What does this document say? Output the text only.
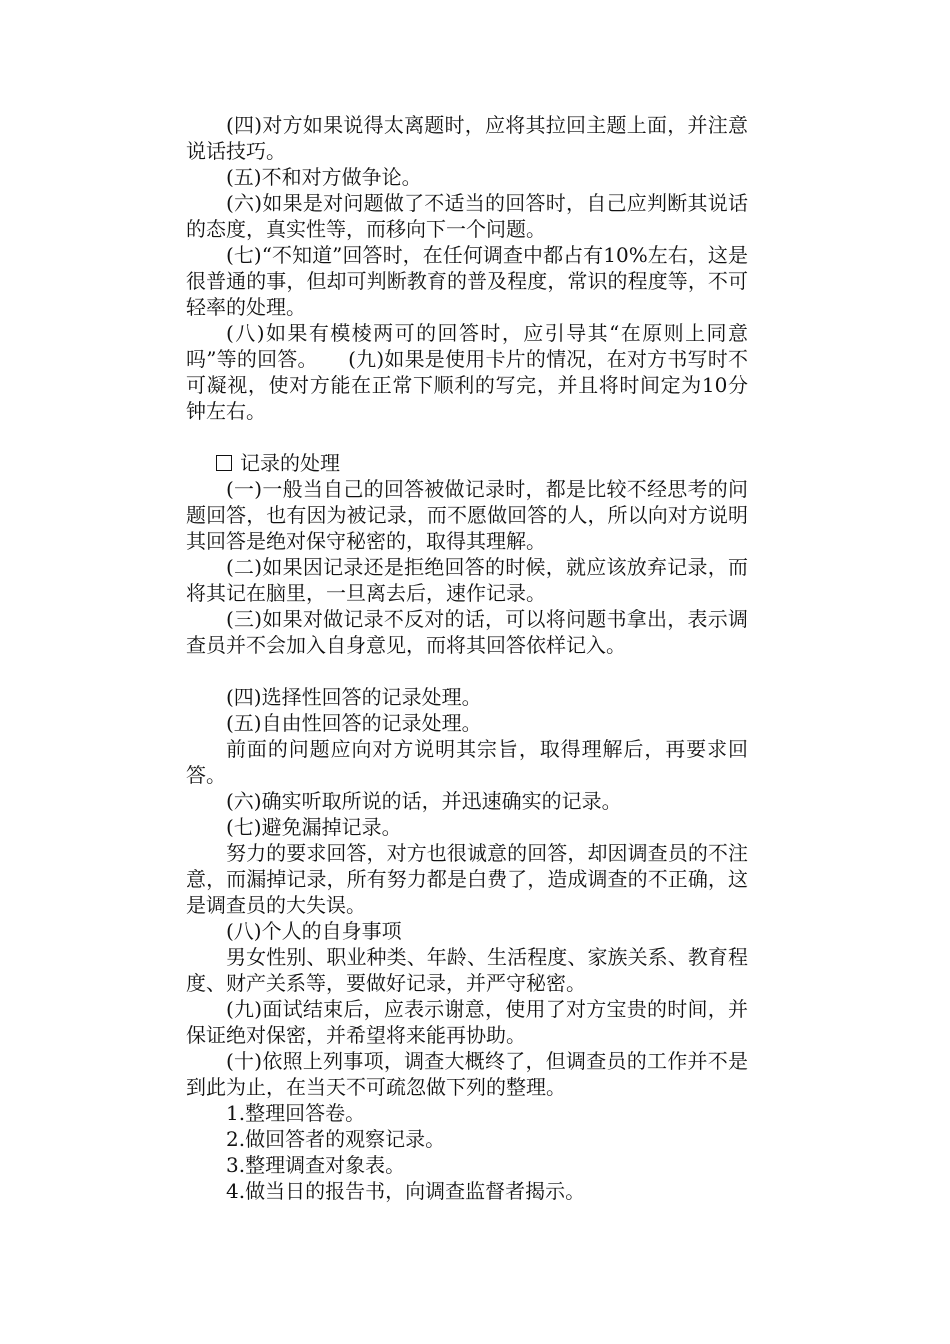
(四)对方如果说得太离题时，应将其拉回主题上面，并注意说话技巧。

(五)不和对方做争论。

(六)如果是对问题做了不适当的回答时，自己应判断其说话的态度，真实性等，而移向下一个问题。

(七)“不知道”回答时，在任何调查中都占有10%左右，这是很普通的事，但却可判断教育的普及程度，常识的程度等，不可轻率的处理。

(八)如果有模棱两可的回答时，应引导其“在原则上同意吗”等的回答。　　(九)如果是使用卡片的情况，在对方书写时不可凝视，使对方能在正常下顺利的写完，并且将时间定为10分钟左右。

记录的处理

(一)一般当自己的回答被做记录时，都是比较不经思考的问题回答，也有因为被记录，而不愿做回答的人，所以向对方说明其回答是绝对保守秘密的，取得其理解。

(二)如果因记录还是拒绝回答的时候，就应该放弃记录，而将其记在脑里，一旦离去后，速作记录。

(三)如果对做记录不反对的话，可以将问题书拿出，表示调查员并不会加入自身意见，而将其回答依样记入。

(四)选择性回答的记录处理。

(五)自由性回答的记录处理。

前面的问题应向对方说明其宗旨，取得理解后，再要求回答。

(六)确实听取所说的话，并迅速确实的记录。

(七)避免漏掉记录。

努力的要求回答，对方也很诚意的回答，却因调查员的不注意，而漏掉记录，所有努力都是白费了，造成调查的不正确，这是调查员的大失误。

(八)个人的自身事项

男女性别、职业种类、年龄、生活程度、家族关系、教育程度、财产关系等，要做好记录，并严守秘密。

(九)面试结束后，应表示谢意，使用了对方宝贵的时间，并保证绝对保密，并希望将来能再协助。

(十)依照上列事项，调查大概终了，但调查员的工作并不是到此为止，在当天不可疏忽做下列的整理。

1.整理回答卷。

2.做回答者的观察记录。

3.整理调查对象表。

4.做当日的报告书，向调查监督者揭示。
